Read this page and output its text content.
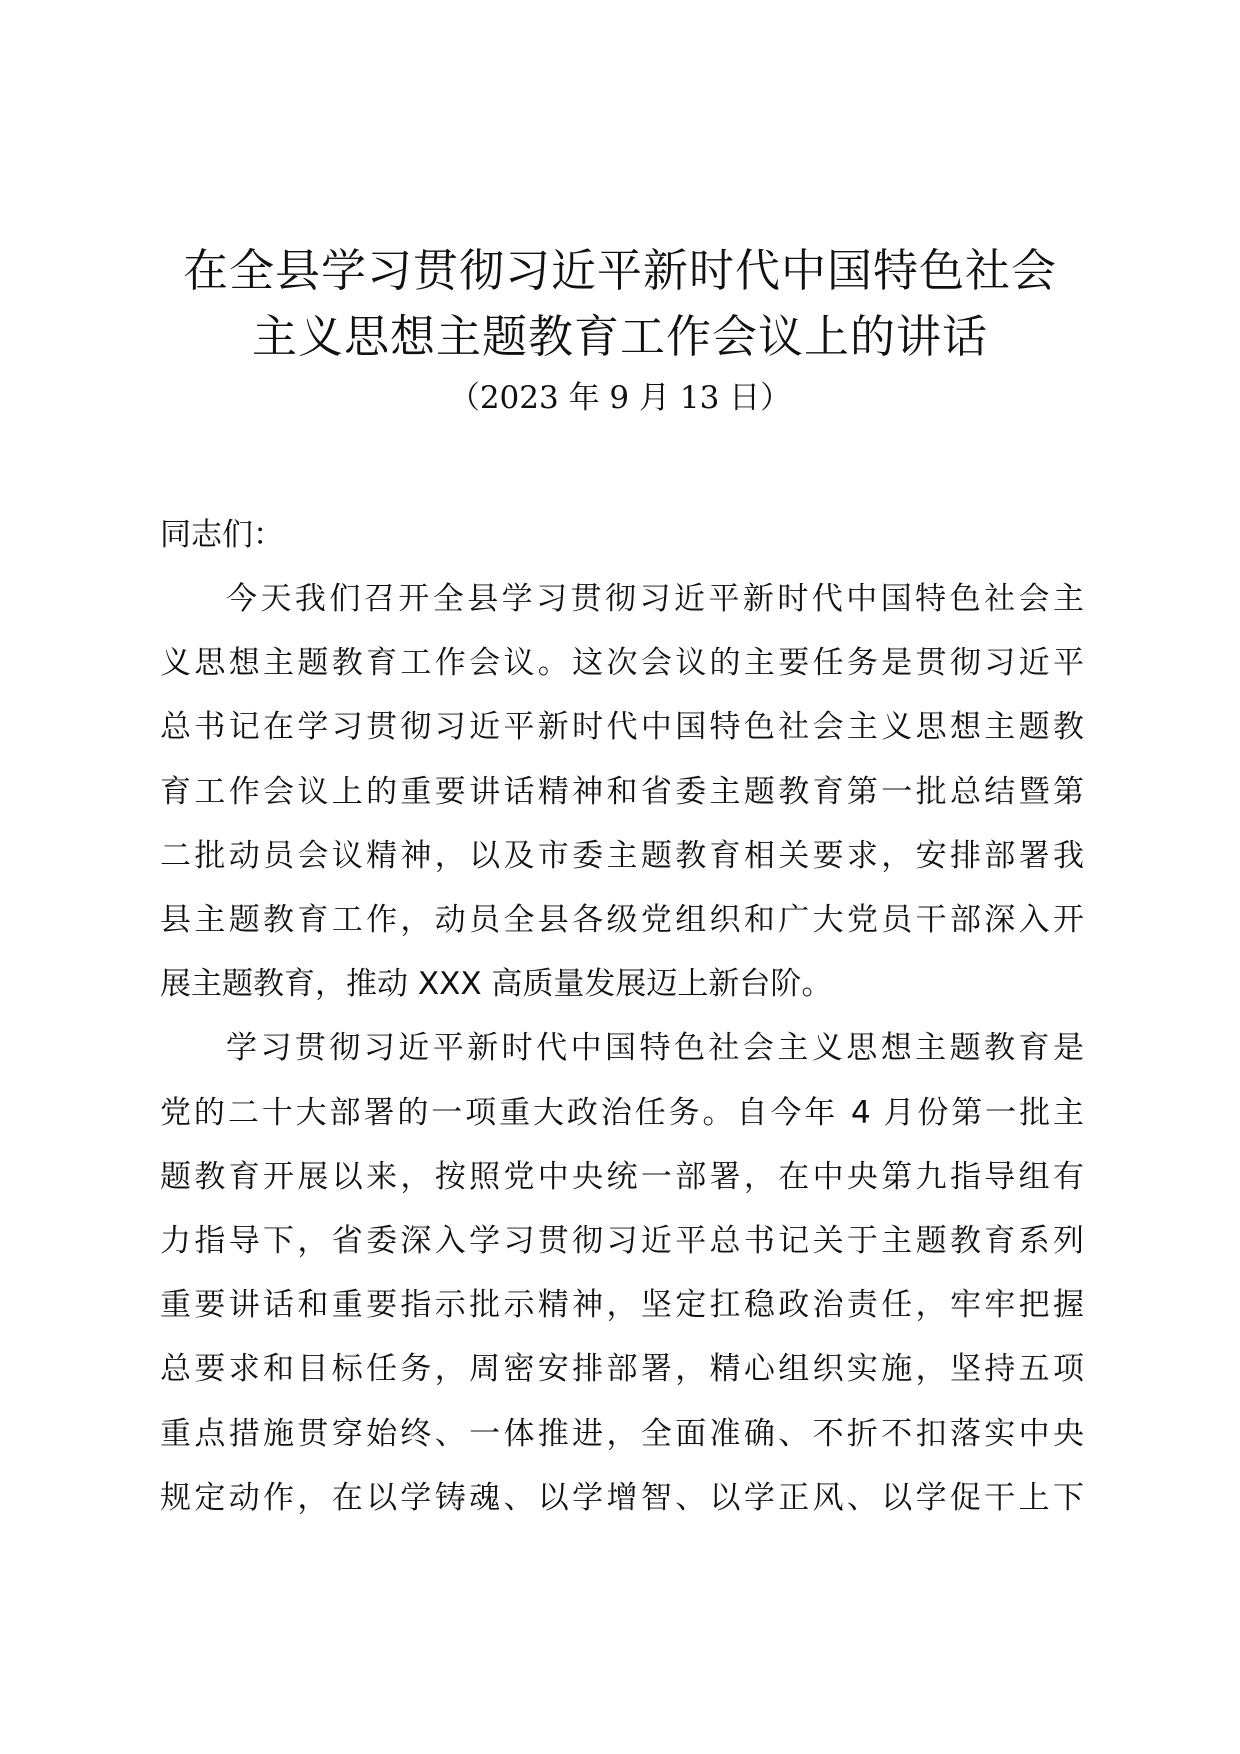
在全县学习贯彻习近平新时代中国特色社会
主义思想主题教育工作会议上的讲话
（2023 年 9 月 13 日）

同志们：

今天我们召开全县学习贯彻习近平新时代中国特色社会主
义思想主题教育工作会议。这次会议的主要任务是贯彻习近平
总书记在学习贯彻习近平新时代中国特色社会主义思想主题教
育工作会议上的重要讲话精神和省委主题教育第一批总结暨第
二批动员会议精神，以及市委主题教育相关要求，安排部署我
县主题教育工作，动员全县各级党组织和广大党员干部深入开
展主题教育，推动 XXX 高质量发展迈上新台阶。

学习贯彻习近平新时代中国特色社会主义思想主题教育是
党的二十大部署的一项重大政治任务。自今年 4 月份第一批主
题教育开展以来，按照党中央统一部署，在中央第九指导组有
力指导下，省委深入学习贯彻习近平总书记关于主题教育系列
重要讲话和重要指示批示精神，坚定扛稳政治责任，牢牢把握
总要求和目标任务，周密安排部署，精心组织实施，坚持五项
重点措施贯穿始终、一体推进，全面准确、不折不扣落实中央
规定动作，在以学铸魂、以学增智、以学正风、以学促干上下
